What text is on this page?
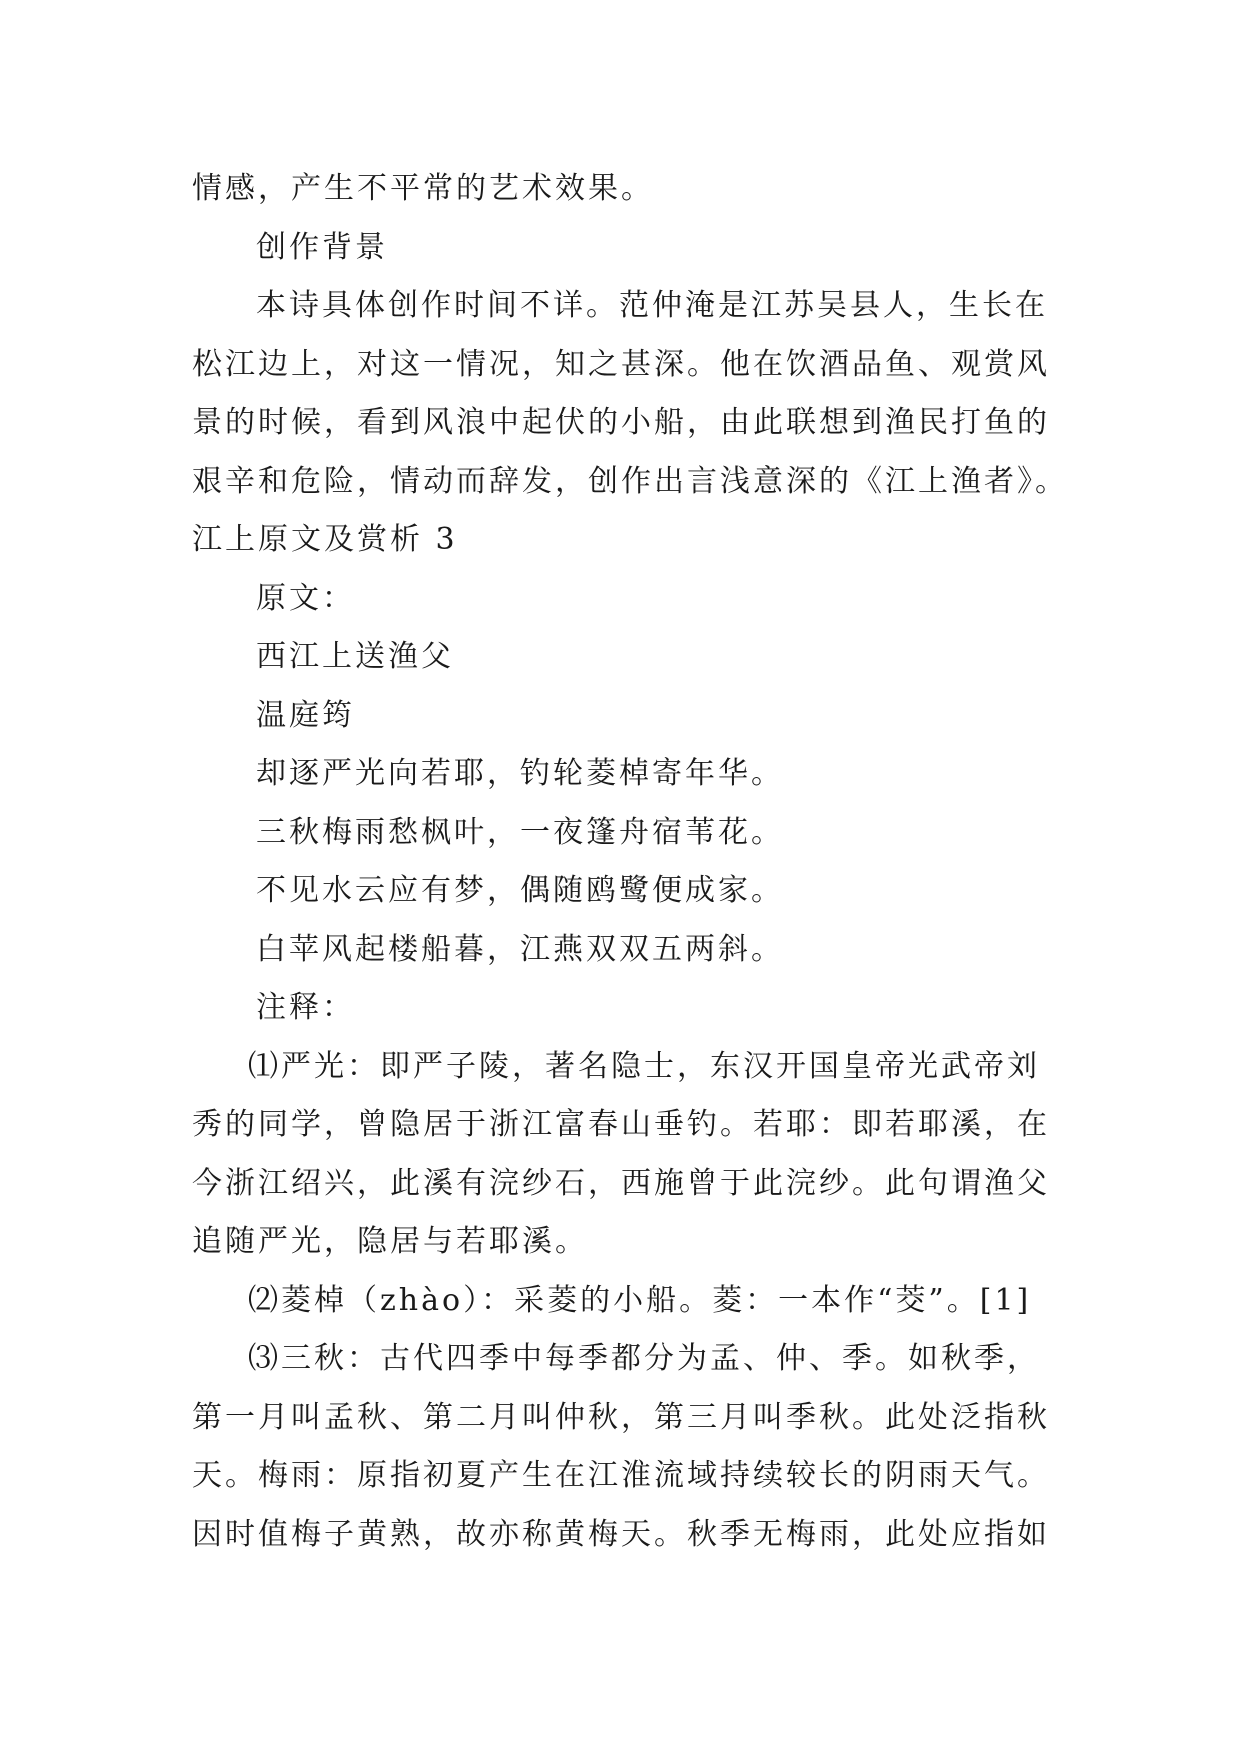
情感，产生不平常的艺术效果。
创作背景
本诗具体创作时间不详。范仲淹是江苏吴县人，生长在
松江边上，对这一情况，知之甚深。他在饮酒品鱼、观赏风
景的时候，看到风浪中起伏的小船，由此联想到渔民打鱼的
艰辛和危险，情动而辞发，创作出言浅意深的《江上渔者》。
江上原文及赏析 3
原文：
西江上送渔父
温庭筠
却逐严光向若耶，钓轮菱棹寄年华。
三秋梅雨愁枫叶，一夜篷舟宿苇花。
不见水云应有梦，偶随鸥鹭便成家。
白苹风起楼船暮，江燕双双五两斜。
注释：
⑴严光：即严子陵，著名隐士，东汉开国皇帝光武帝刘
秀的同学，曾隐居于浙江富春山垂钓。若耶：即若耶溪，在
今浙江绍兴，此溪有浣纱石，西施曾于此浣纱。此句谓渔父
追随严光，隐居与若耶溪。
⑵菱棹（zhào）：采菱的小船。菱：一本作“茭”。[1]
⑶三秋：古代四季中每季都分为孟、仲、季。如秋季，
第一月叫孟秋、第二月叫仲秋，第三月叫季秋。此处泛指秋
天。梅雨：原指初夏产生在江淮流域持续较长的阴雨天气。
因时值梅子黄熟，故亦称黄梅天。秋季无梅雨，此处应指如
